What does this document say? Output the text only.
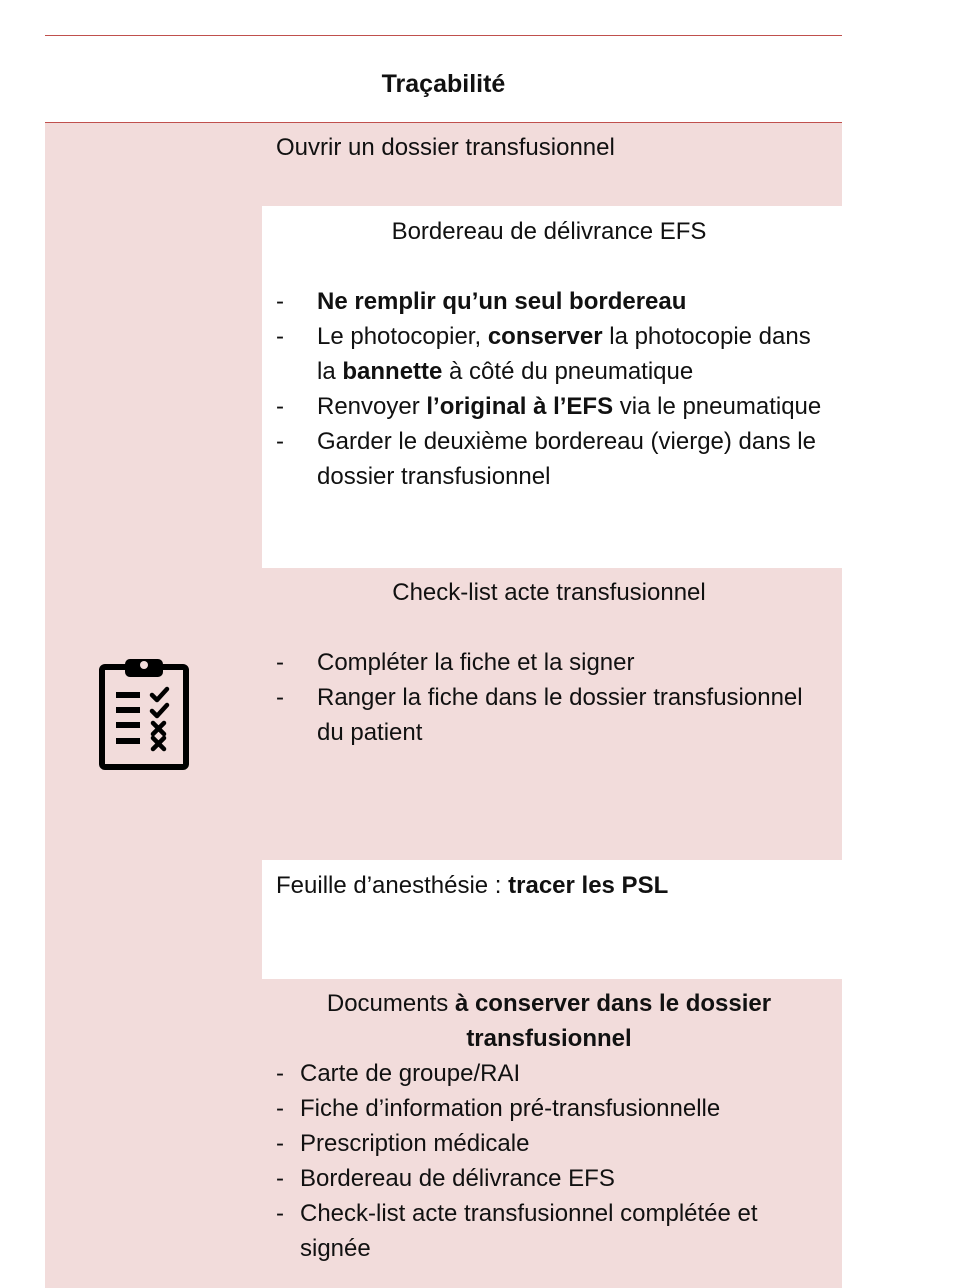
Traçabilité
Ouvrir un dossier transfusionnel
Bordereau de délivrance EFS
- Ne remplir qu’un seul bordereau
- Le photocopier, conserver la photocopie dans la bannette à côté du pneumatique
- Renvoyer l’original à l’EFS via le pneumatique
- Garder le deuxième bordereau (vierge) dans le dossier transfusionnel
Check-list acte transfusionnel
- Compléter la fiche et la signer
- Ranger la fiche dans le dossier transfusionnel du patient
Feuille d’anesthésie : tracer les PSL
Documents à conserver dans le dossier transfusionnel
- Carte de groupe/RAI
- Fiche d’information pré-transfusionnelle
- Prescription médicale
- Bordereau de délivrance EFS
- Check-list acte transfusionnel complétée et signée
